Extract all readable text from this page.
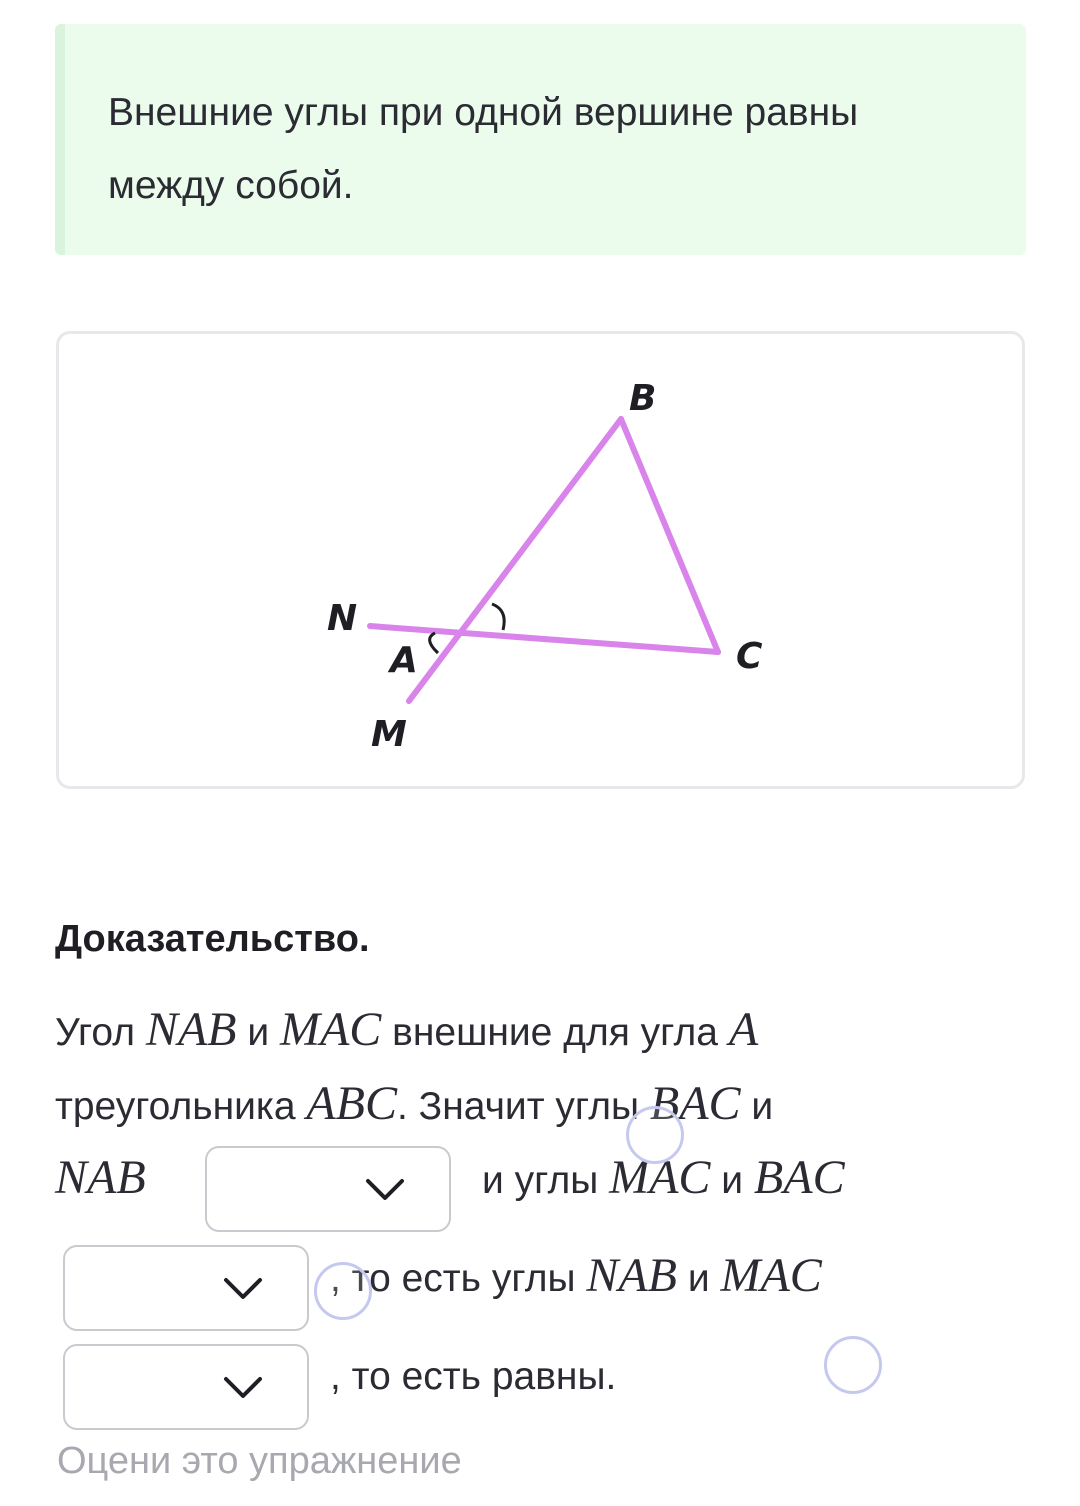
Внешние углы при одной вершине равны
между собой.

B
N
A	C
M
Доказательство.
Угол NAB и MAC внешние для угла A
треугольника ABC. Значит углы BAC и
NAB	и углы MAC и BAC
, то есть углы NAB и MAC
, то есть равны.
Оцени это упражнение
